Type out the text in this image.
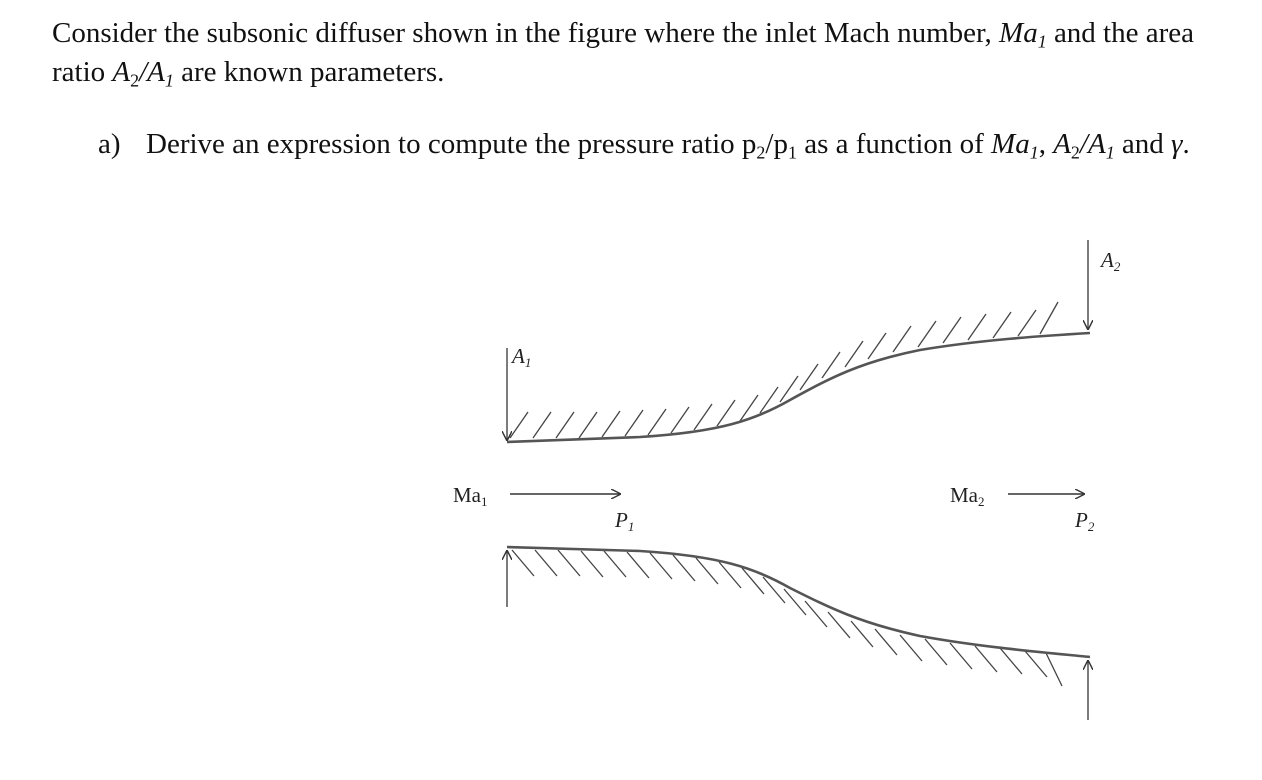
Consider the subsonic diffuser shown in the figure where the inlet Mach number, $Ma_1$ and the area ratio $A_2/A_1$ are known parameters.

a) Derive an expression to compute the pressure ratio $p_2/p_1$ as a function of $Ma_1$, $A_2/A_1$ and γ.
A1
A2
Ma1	Ma2
P1	P2
